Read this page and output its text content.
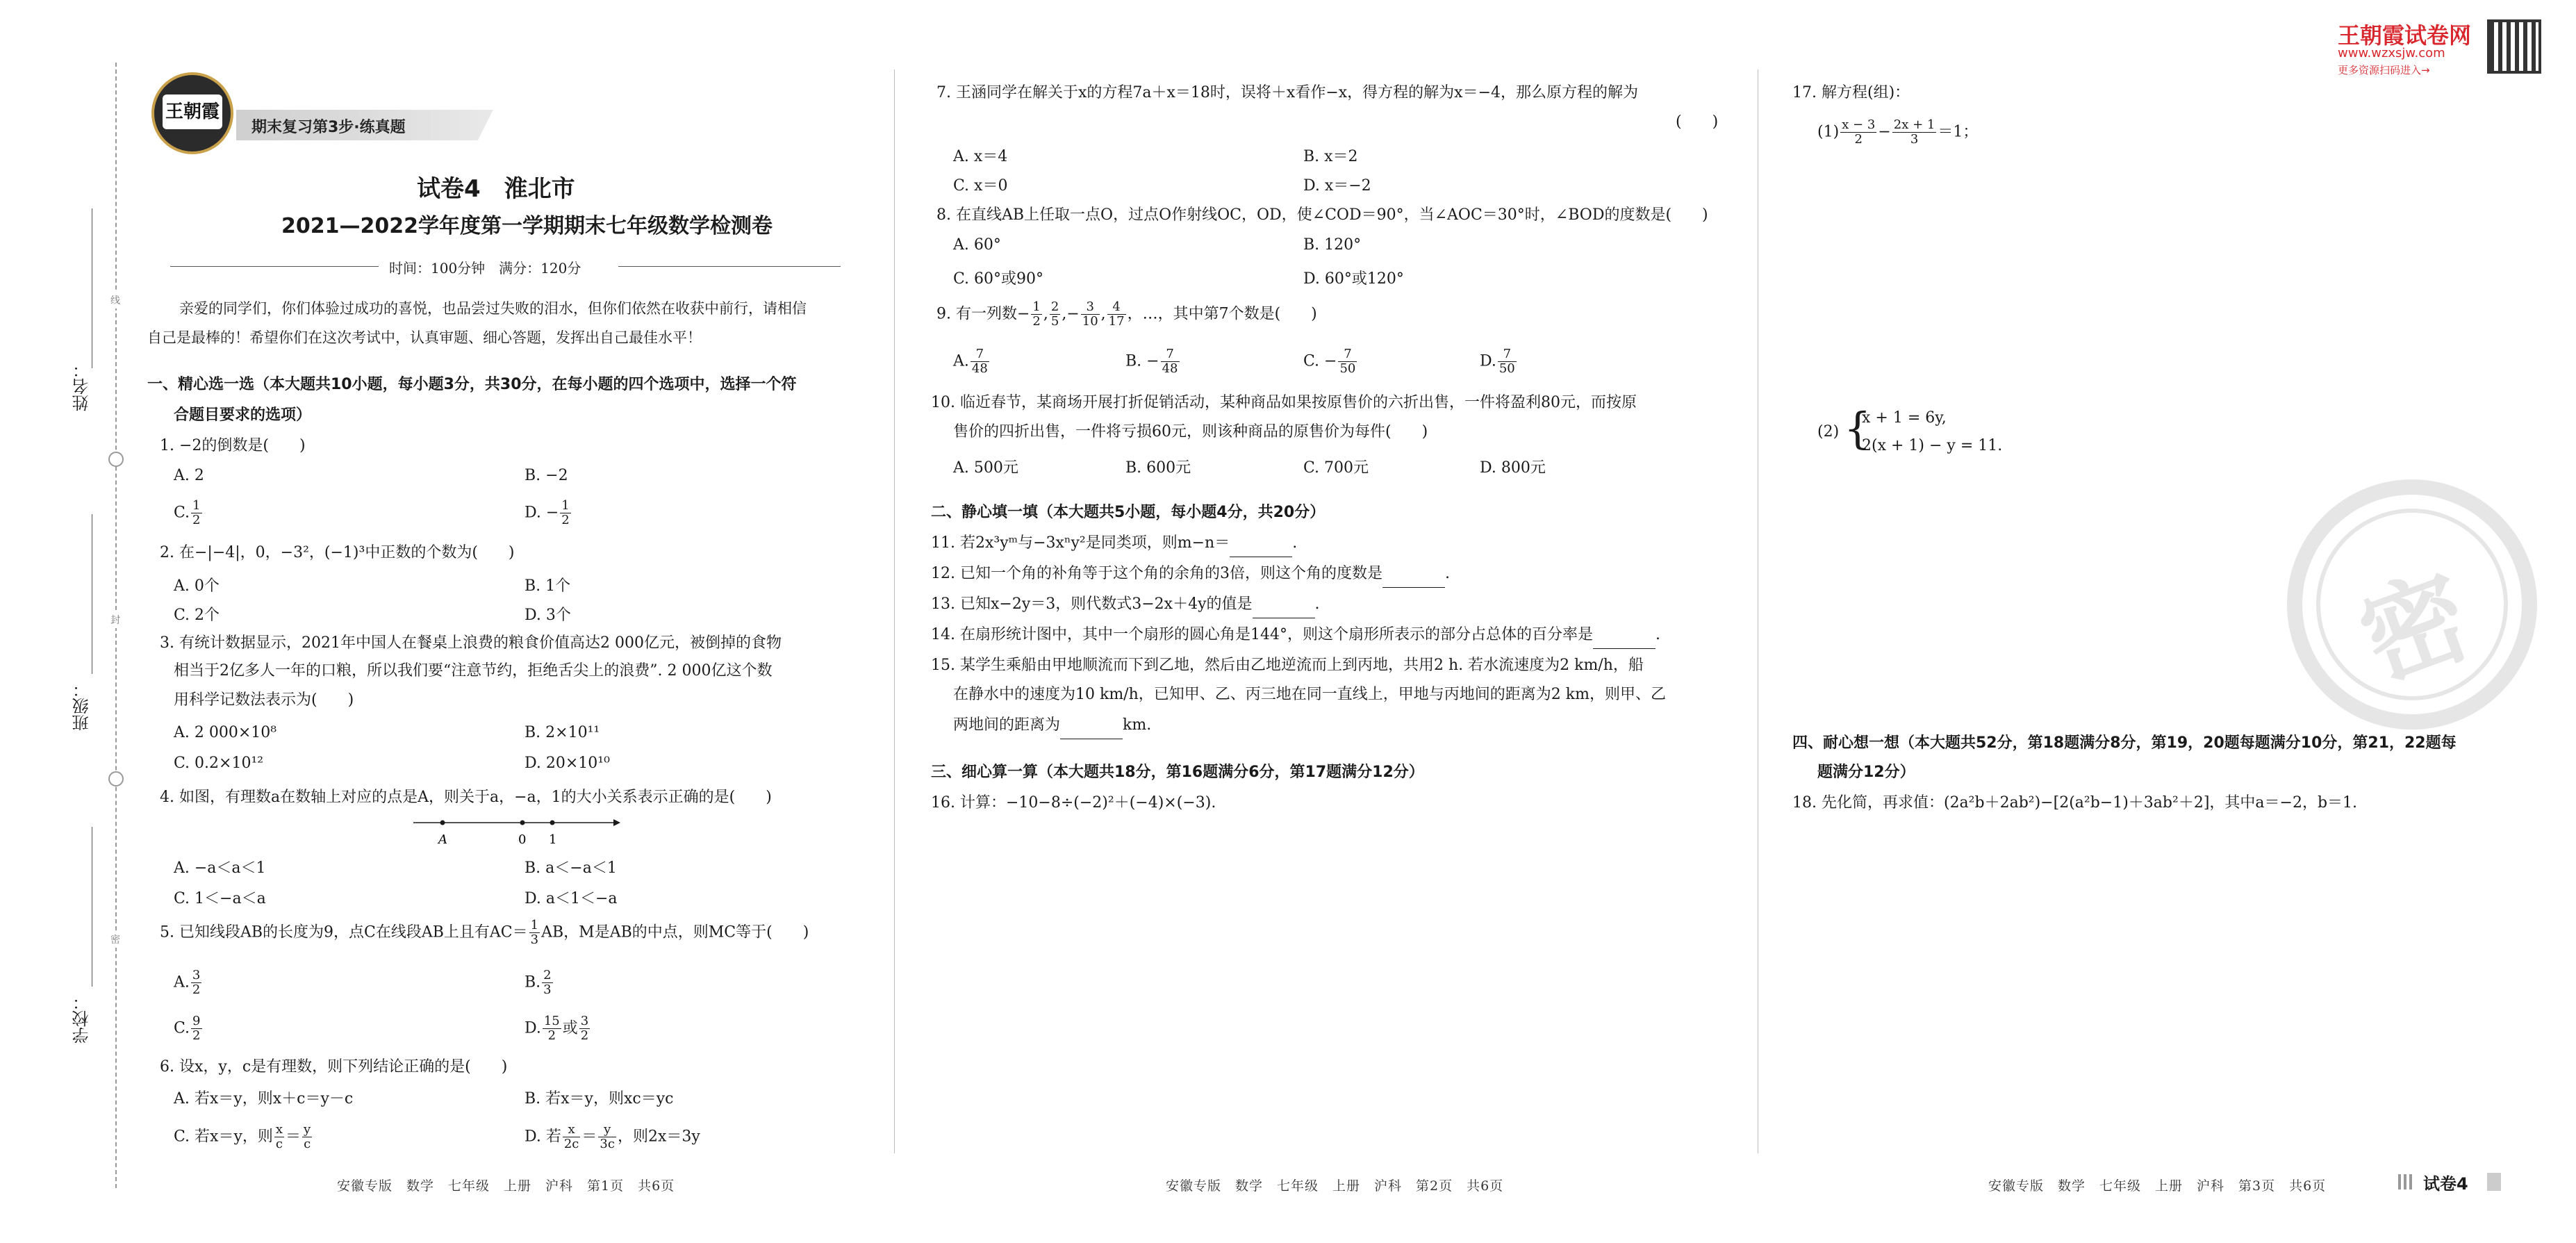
姓名：
班级：
学校：
线
封
密
王朝霞
期末复习第3步·练真题
试卷4　淮北市
2021—2022学年度第一学期期末七年级数学检测卷
时间：100分钟　满分：120分
亲爱的同学们，你们体验过成功的喜悦，也品尝过失败的泪水，但你们依然在收获中前行，请相信
自己是最棒的！希望你们在这次考试中，认真审题、细心答题，发挥出自己最佳水平！
一、精心选一选（本大题共10小题，每小题3分，共30分，在每小题的四个选项中，选择一个符
合题目要求的选项）
1. −2的倒数是(　　)
A. 2	B. −2
C. $\frac{1}{2}$	D. − $\frac{1}{2}$
2. 在−|−4|，0，−3²，(−1)³中正数的个数为(　　)
A. 0个	B. 1个
C. 2个	D. 3个
3. 有统计数据显示，2021年中国人在餐桌上浪费的粮食价值高达2 000亿元，被倒掉的食物
相当于2亿多人一年的口粮，所以我们要“注意节约，拒绝舌尖上的浪费”. 2 000亿这个数
用科学记数法表示为(　　)
A. 2 000×10⁸	B. 2×10¹¹
C. 0.2×10¹²	D. 20×10¹⁰
4. 如图，有理数a在数轴上对应的点是A，则关于a，−a，1的大小关系表示正确的是(　　)
A	0 1
A. −a＜a＜1	B. a＜−a＜1
C. 1＜−a＜a	D. a＜1＜−a
5. 已知线段AB的长度为9，点C在线段AB上且有$AC= \frac{1}{3}$ AB，M是AB的中点，则MC等于(　　)
A. $\frac{3}{2}$	B. $\frac{2}{3}$
C. $\frac{9}{2}$	D. $\frac{15}{2}$ 或 $\frac{3}{2}$
6. 设x，y，c是有理数，则下列结论正确的是(　　)
A. 若x＝y，则x＋c＝y－c	B. 若x＝y，则xc＝yc
C. 若x＝y，则 $\frac{x}{c} = \frac{y}{c}$	D. 若 $\frac{x}{2c} = \frac{y}{3c}$ ，则2x＝3y
安徽专版　数学　七年级　上册　沪科　第1页　共6页
7. 王涵同学在解关于x的方程7a＋x＝18时，误将＋x看作−x，得方程的解为x＝−4，那么原方程的解为
(　　)
A. x＝4	B. x＝2
C. x＝0	D. x＝−2
8. 在直线AB上任取一点O，过点O作射线OC，OD，使∠COD＝90°，当∠AOC＝30°时，∠BOD的度数是(　　)
A. 60°	B. 120°
C. 60°或90°	D. 60°或120°
9. 有一列数− $\frac{1}{2}$ , $\frac{2}{5}$ ,− $\frac{3}{10}$ , $\frac{4}{17}$ ，…，其中第7个数是(　　)
A. $\frac{7}{48}$	B. − $\frac{7}{48}$	C. − $\frac{7}{50}$	D. $\frac{7}{50}$
10. 临近春节，某商场开展打折促销活动，某种商品如果按原售价的六折出售，一件将盈利80元，而按原
售价的四折出售，一件将亏损60元，则该种商品的原售价为每件(　　)
A. 500元	B. 600元	C. 700元	D. 800元
二、静心填一填（本大题共5小题，每小题4分，共20分）
11. 若2x³yᵐ与−3xⁿy²是同类项，则m−n＝	.
12. 已知一个角的补角等于这个角的余角的3倍，则这个角的度数是	.
13. 已知x−2y＝3，则代数式3−2x＋4y的值是	.
14. 在扇形统计图中，其中一个扇形的圆心角是144°，则这个扇形所表示的部分占总体的百分率是	.
15. 某学生乘船由甲地顺流而下到乙地，然后由乙地逆流而上到丙地，共用2 h. 若水流速度为2 km/h，船
在静水中的速度为10 km/h，已知甲、乙、丙三地在同一直线上，甲地与丙地间的距离为2 km，则甲、乙
两地间的距离为	km.
三、细心算一算（本大题共18分，第16题满分6分，第17题满分12分）
16. 计算：−10−8÷(−2)²＋(−4)×(−3).
安徽专版　数学　七年级　上册　沪科　第2页　共6页
王朝霞试卷网
www.wzxsjw.com
更多资源扫码进入→
17. 解方程(组)：
$(1) \frac{x - 3}{2} - \frac{2x + 1}{3} =1$；
(2) {
x + 1 = 6y,
2(x + 1) − y = 11.
密
四、耐心想一想（本大题共52分，第18题满分8分，第19，20题每题满分10分，第21，22题每
题满分12分）
18. 先化简，再求值：(2a²b＋2ab²)−[2(a²b−1)＋3ab²＋2]，其中a＝−2，b＝1.
安徽专版　数学　七年级　上册　沪科　第3页　共6页	试卷4
